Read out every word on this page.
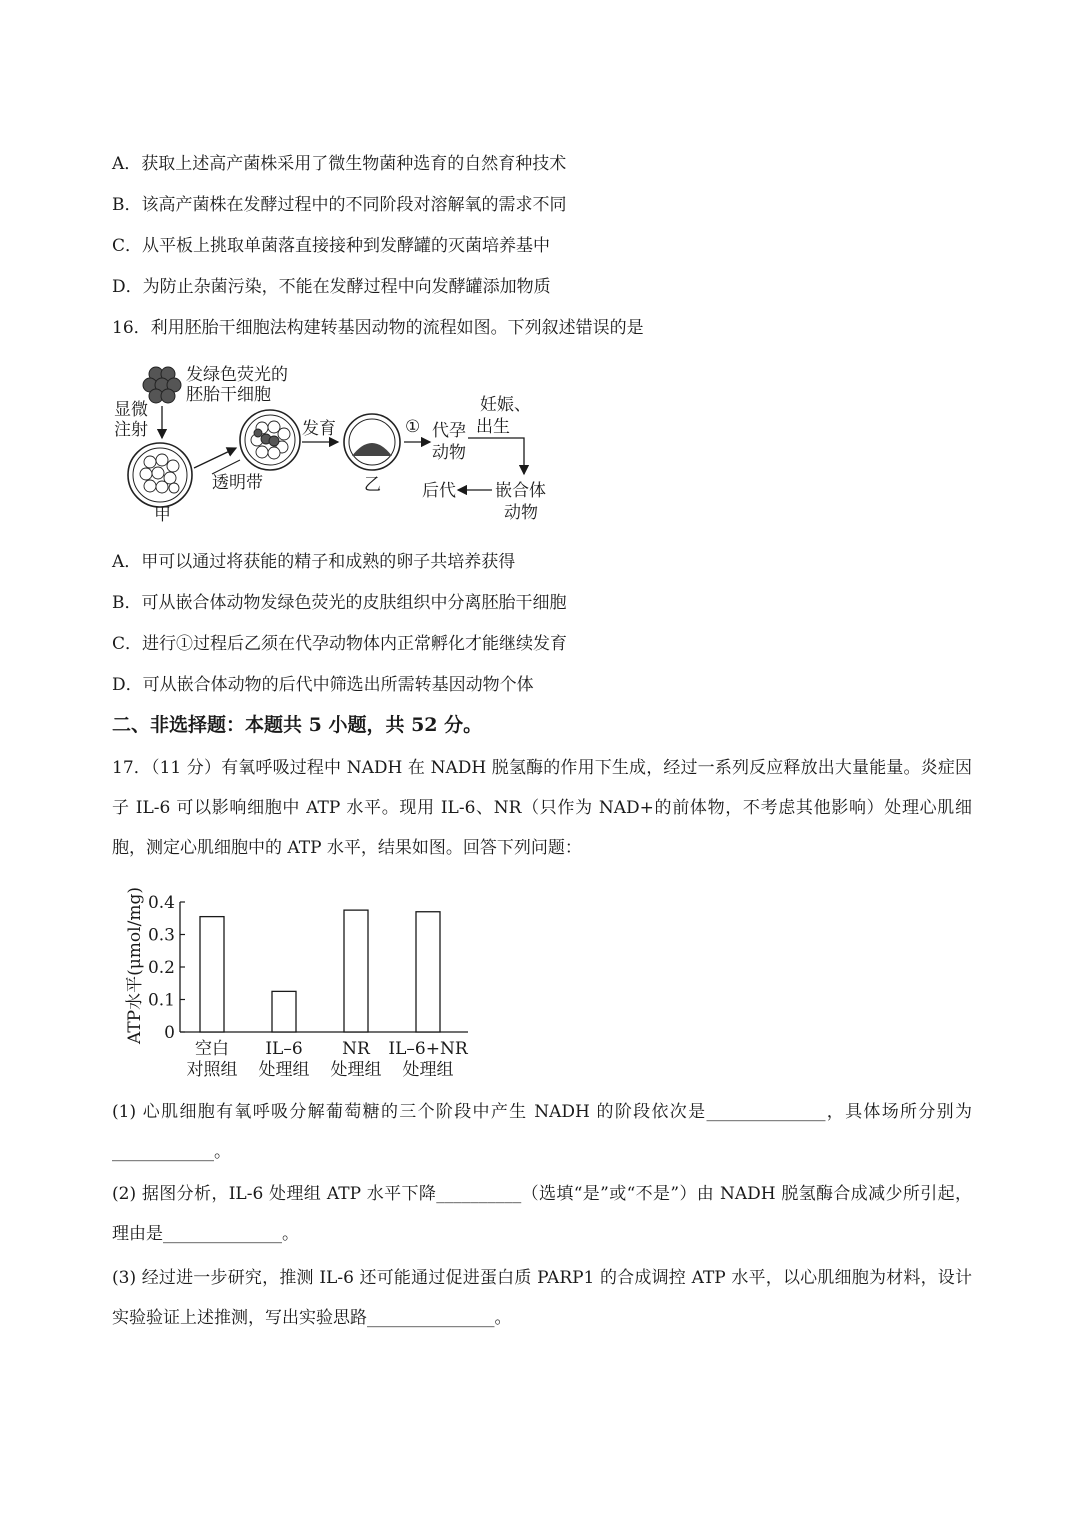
A．获取上述高产菌株采用了微生物菌种选育的自然育种技术
B．该高产菌株在发酵过程中的不同阶段对溶解氧的需求不同
C．从平板上挑取单菌落直接接种到发酵罐的灭菌培养基中
D．为防止杂菌污染，不能在发酵过程中向发酵罐添加物质
16．利用胚胎干细胞法构建转基因动物的流程如图。下列叙述错误的是
发绿色荧光的
胚胎干细胞
显微
注射
甲
透明带
发育
乙
① 代孕
动物
妊娠、
出生
嵌合体
动物
后代
A．甲可以通过将获能的精子和成熟的卵子共培养获得
B．可从嵌合体动物发绿色荧光的皮肤组织中分离胚胎干细胞
C．进行①过程后乙须在代孕动物体内正常孵化才能继续发育
D．可从嵌合体动物的后代中筛选出所需转基因动物个体
二、非选择题：本题共 5 小题，共 52 分。
17．（11 分）有氧呼吸过程中 NADH 在 NADH 脱氢酶的作用下生成，经过一系列反应释放出大量能量。炎症因子 IL-6 可以影响细胞中 ATP 水平。现用 IL-6、NR（只作为 NAD+的前体物，不考虑其他影响）处理心肌细胞，测定心肌细胞中的 ATP 水平，结果如图。回答下列问题：
ATP水平(μmol/mg) 0
0.1
0.2
0.3
0.4
空白
对照组
IL–6
处理组
NR
处理组
IL–6+NR
处理组
(1) 心肌细胞有氧呼吸分解葡萄糖的三个阶段中产生 NADH 的阶段依次是______________，具体场所分别为____________。
(2) 据图分析，IL-6 处理组 ATP 水平下降__________（选填“是”或“不是”）由 NADH 脱氢酶合成减少所引起，理由是______________。
(3) 经过进一步研究，推测 IL-6 还可能通过促进蛋白质 PARP1 的合成调控 ATP 水平，以心肌细胞为材料，设计实验验证上述推测，写出实验思路_______________。
